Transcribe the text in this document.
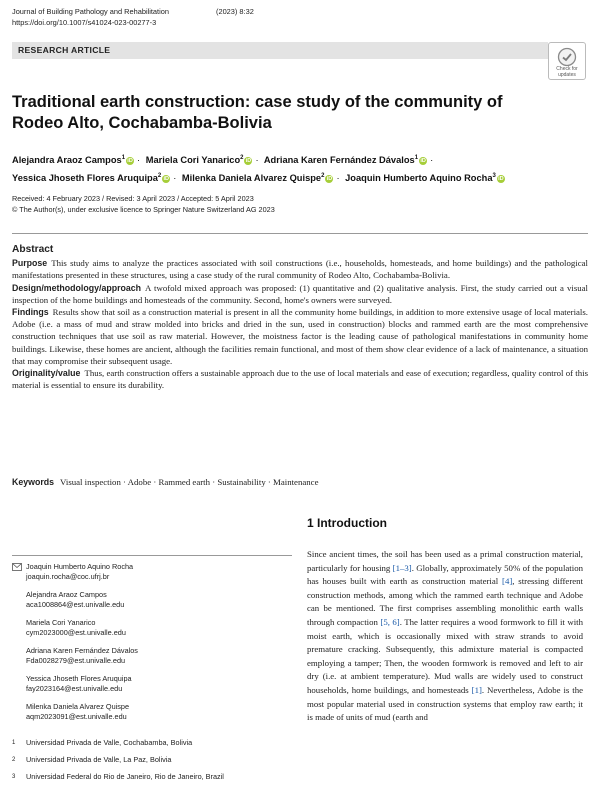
Journal of Building Pathology and Rehabilitation	(2023) 8:32
https://doi.org/10.1007/s41024-023-00277-3
RESEARCH ARTICLE
Check for
updates
Traditional earth construction: case study of the community of Rodeo Alto, Cochabamba-Bolivia
Alejandra Araoz Campos$^1$ iD · Mariela Cori Yanarico$^2$ iD · Adriana Karen Fernández Dávalos$^1$ iD ·
Yessica Jhoseth Flores Aruquipa$^2$ iD · Milenka Daniela Alvarez Quispe$^2$ iD · Joaquin Humberto Aquino Rocha$^3$ iD
Received: 4 February 2023 / Revised: 3 April 2023 / Accepted: 5 April 2023
© The Author(s), under exclusive licence to Springer Nature Switzerland AG 2023
Abstract
Purpose This study aims to analyze the practices associated with soil constructions (i.e., households, homesteads, and home buildings) and the pathological manifestations presented in these structures, using a case study of the rural community of Rodeo Alto, Cochabamba-Bolivia.
Design/methodology/approach A twofold mixed approach was proposed: (1) quantitative and (2) qualitative analysis. First, the study carried out a visual inspection of the home buildings and homesteads of the community. Second, home's owners were surveyed.
Findings Results show that soil as a construction material is present in all the community home buildings, in addition to more extensive usage of local materials. Adobe (i.e. a mass of mud and straw molded into bricks and dried in the sun, used in construction) blocks and rammed earth are the most comprehensive construction techniques that use soil as raw material. However, the moistness factor is the leading cause of pathological manifestations in community home buildings. Likewise, these homes are ancient, although the facilities remain functional, and most of them show clear evidence of a lack of maintenance, a situation that may compromise their subsequent usage.
Originality/value Thus, earth construction offers a sustainable approach due to the use of local materials and ease of execution; regardless, quality control of this material is essential to ensure its durability.
Keywords Visual inspection · Adobe · Rammed earth · Sustainability · Maintenance
1 Introduction
Since ancient times, the soil has been used as a primal construction material, particularly for housing [1–3]. Globally, approximately 50% of the population has houses built with earth as construction material [4], stressing different construction methods, among which the rammed earth technique and Adobe can be mentioned. The first comprises assembling monolithic earth walls through compaction [5, 6]. The latter requires a wood formwork to fill it with moist earth, which is occasionally mixed with straw strands to avoid premature cracking. Subsequently, this admixture material is compacted employing a tamper; Then, the wooden formwork is removed and left to air dry (i.e. at ambient temperature). Mud walls are widely used to construct households, home buildings, and homesteads [1]. Nevertheless, Adobe is the most popular material used in construction systems that employ raw earth; it is made of units of mud (earth and
Joaquin Humberto Aquino Rocha
joaquin.rocha@coc.ufrj.br
Alejandra Araoz Campos
aca1008864@est.univalle.edu
Mariela Cori Yanarico
cym2023000@est.univalle.edu
Adriana Karen Fernández Dávalos
Fda0028279@est.univalle.edu
Yessica Jhoseth Flores Aruquipa
fay2023164@est.univalle.edu
Milenka Daniela Alvarez Quispe
aqm2023091@est.univalle.edu
1 Universidad Privada de Valle, Cochabamba, Bolivia
2 Universidad Privada de Valle, La Paz, Bolivia
3 Universidad Federal do Rio de Janeiro, Rio de Janeiro, Brazil
